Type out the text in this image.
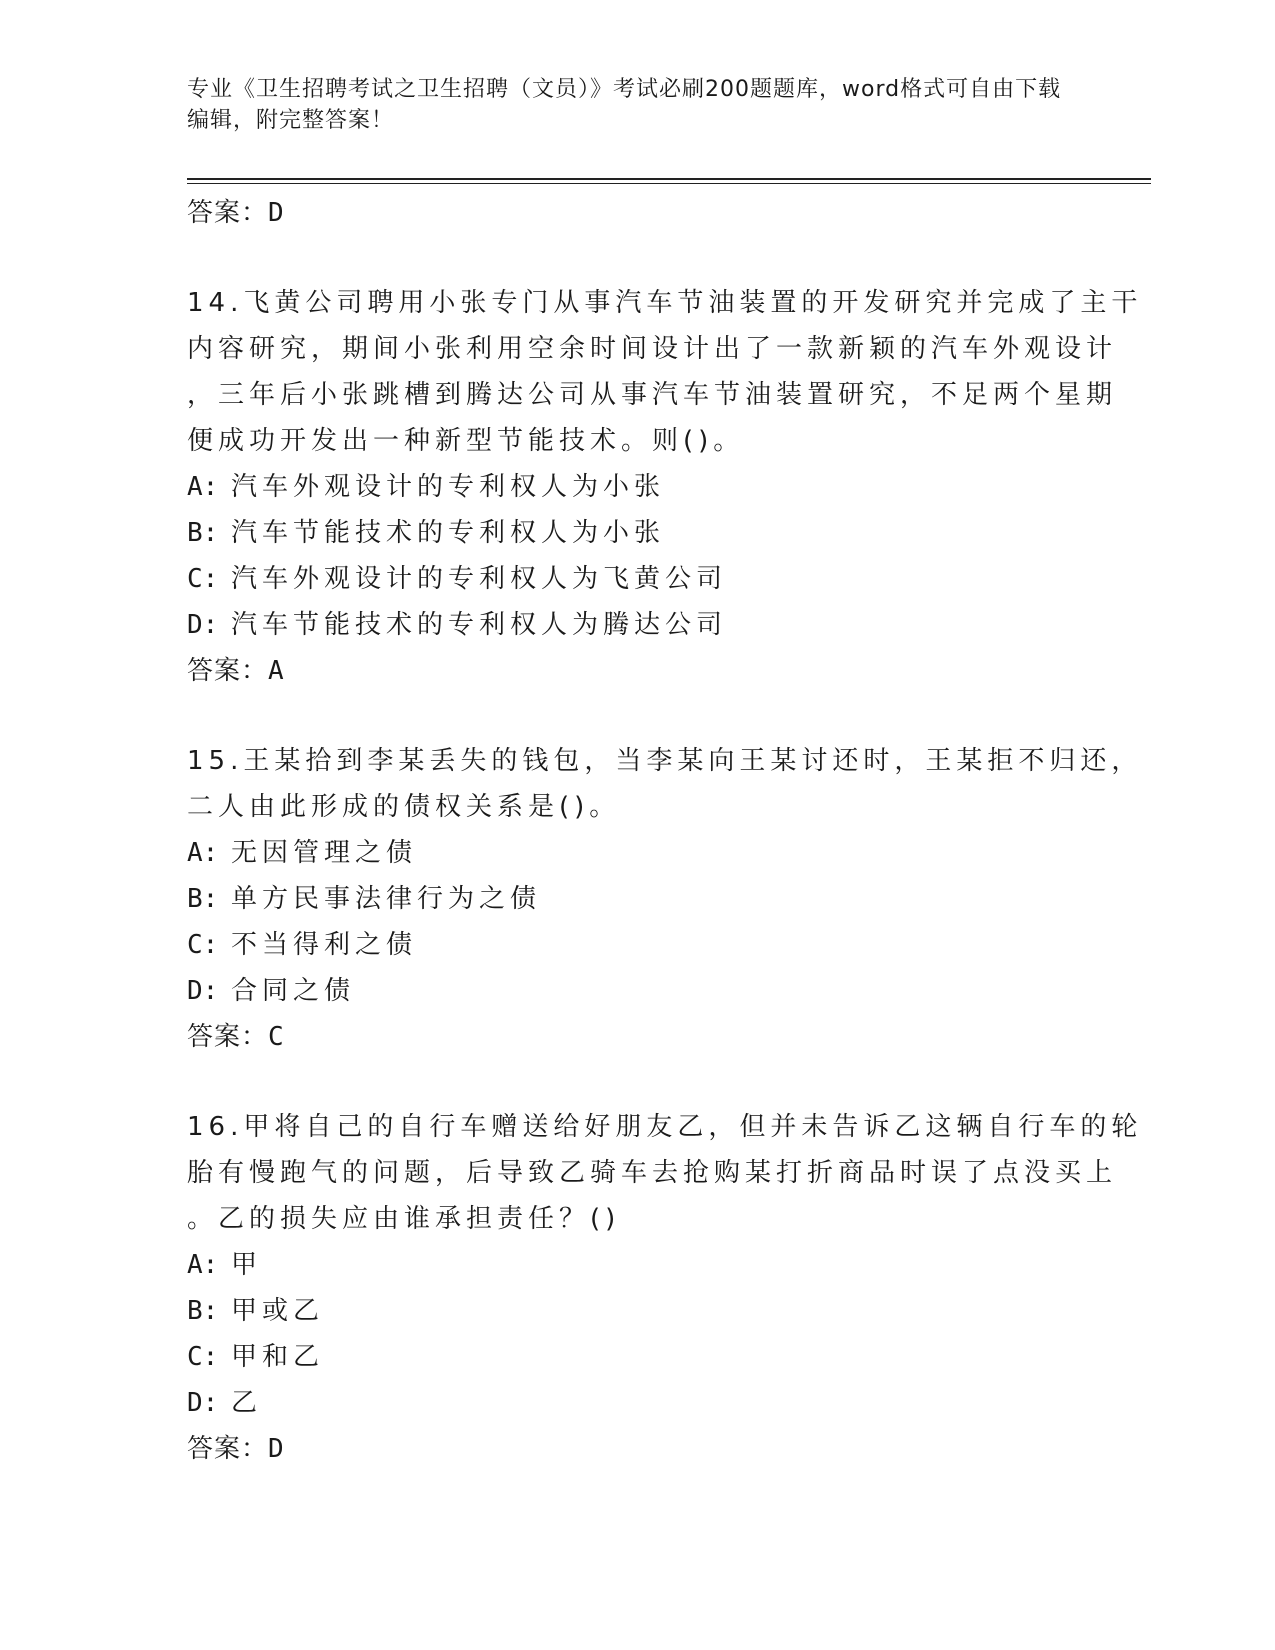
专业《卫生招聘考试之卫生招聘（文员）》考试必刷200题题库，word格式可自由下载编辑，附完整答案！
答案：D
14.飞黄公司聘用小张专门从事汽车节油装置的开发研究并完成了主干
内容研究，期间小张利用空余时间设计出了一款新颖的汽车外观设计
，三年后小张跳槽到腾达公司从事汽车节油装置研究，不足两个星期
便成功开发出一种新型节能技术。则()。
A: 汽车外观设计的专利权人为小张
B: 汽车节能技术的专利权人为小张
C: 汽车外观设计的专利权人为飞黄公司
D: 汽车节能技术的专利权人为腾达公司
答案：A
15.王某拾到李某丢失的钱包，当李某向王某讨还时，王某拒不归还，
二人由此形成的债权关系是()。
A: 无因管理之债
B: 单方民事法律行为之债
C: 不当得利之债
D: 合同之债
答案：C
16.甲将自己的自行车赠送给好朋友乙，但并未告诉乙这辆自行车的轮
胎有慢跑气的问题，后导致乙骑车去抢购某打折商品时误了点没买上
。乙的损失应由谁承担责任？()
A: 甲
B: 甲或乙
C: 甲和乙
D: 乙
答案：D
